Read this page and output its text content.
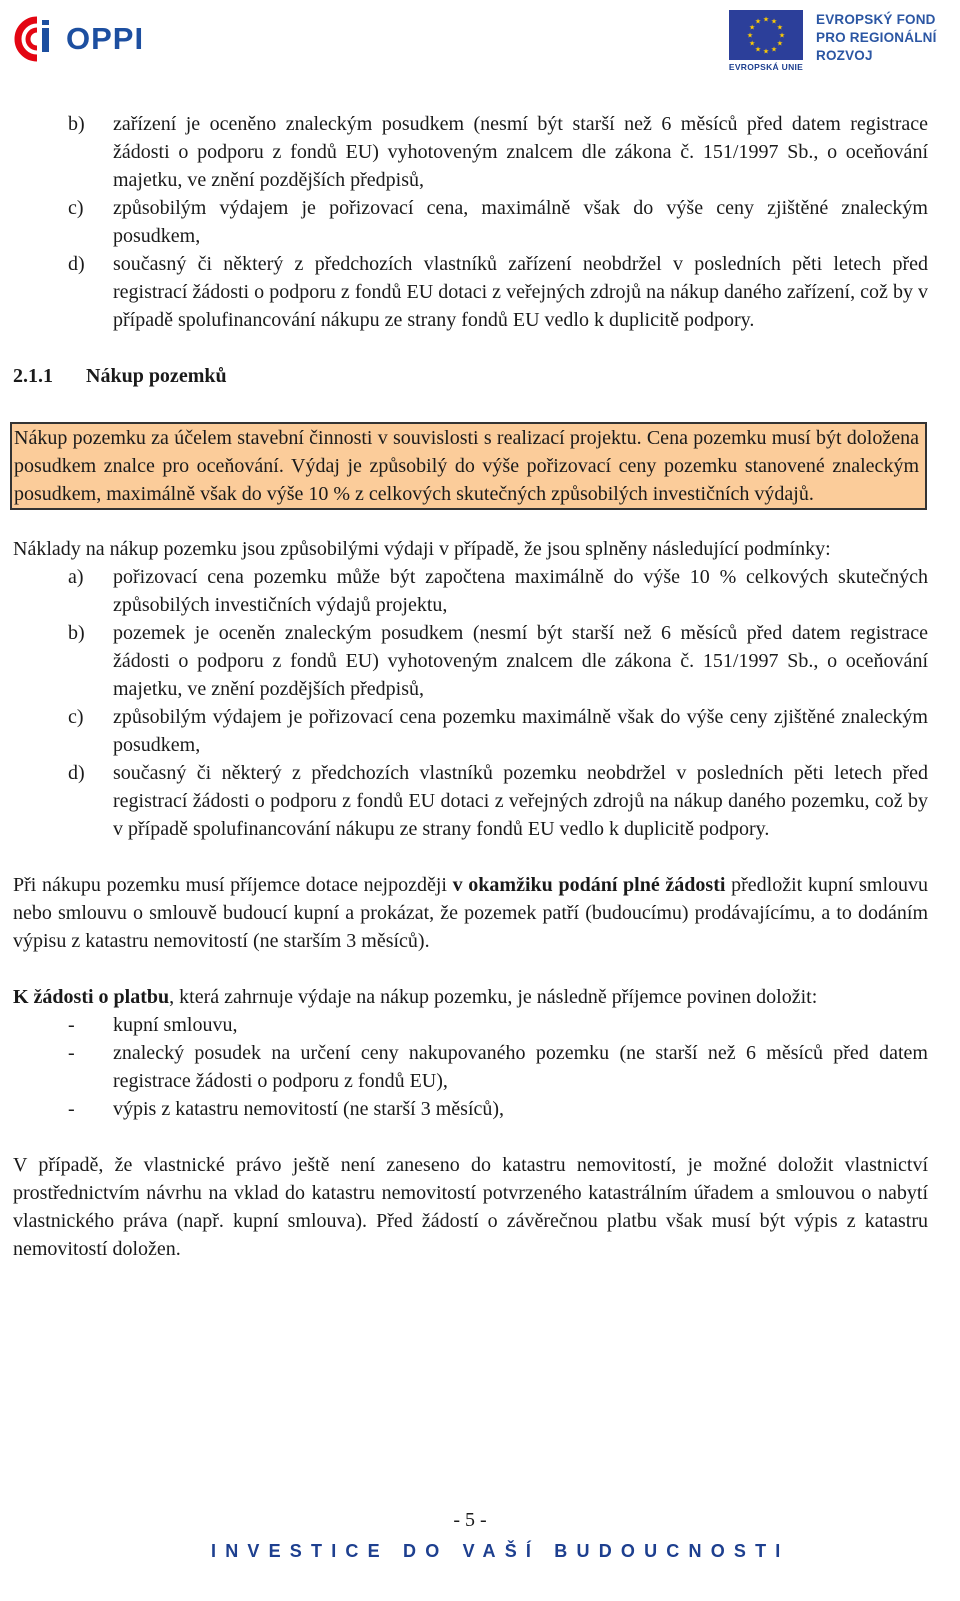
OPPI	★
★
★
★
★
★
★
★
★ ★ ★
★
EVROPSKÁ UNIE
EVROPSKÝ FOND
PRO REGIONÁLNÍ
ROZVOJ
b) zařízení je oceněno znaleckým posudkem (nesmí být starší než 6 měsíců před datem registrace žádosti o podporu z fondů EU) vyhotoveným znalcem dle zákona č. 151/1997 Sb., o oceňování majetku, ve znění pozdějších předpisů,
c) způsobilým výdajem je pořizovací cena, maximálně však do výše ceny zjištěné znaleckým posudkem,
d) současný či některý z předchozích vlastníků zařízení neobdržel v posledních pěti letech před registrací žádosti o podporu z fondů EU dotaci z veřejných zdrojů na nákup daného zařízení, což by v případě spolufinancování nákupu ze strany fondů EU vedlo k duplicitě podpory.
2.1.1	Nákup pozemků

Nákup pozemku za účelem stavební činnosti v souvislosti s realizací projektu. Cena pozemku musí být doložena posudkem znalce pro oceňování. Výdaj je způsobilý do výše pořizovací ceny pozemku stanovené znaleckým posudkem, maximálně však do výše 10 % z celkových skutečných způsobilých investičních výdajů.

Náklady na nákup pozemku jsou způsobilými výdaji v případě, že jsou splněny následující podmínky:

a) pořizovací cena pozemku může být započtena maximálně do výše 10 % celkových skutečných způsobilých investičních výdajů projektu,
b) pozemek je oceněn znaleckým posudkem (nesmí být starší než 6 měsíců před datem registrace žádosti o podporu z fondů EU) vyhotoveným znalcem dle zákona č. 151/1997 Sb., o oceňování majetku, ve znění pozdějších předpisů,
c) způsobilým výdajem je pořizovací cena pozemku maximálně však do výše ceny zjištěné znaleckým posudkem,
d) současný či některý z předchozích vlastníků pozemku neobdržel v posledních pěti letech před registrací žádosti o podporu z fondů EU dotaci z veřejných zdrojů na nákup daného pozemku, což by v případě spolufinancování nákupu ze strany fondů EU vedlo k duplicitě podpory.

Při nákupu pozemku musí příjemce dotace nejpozději v okamžiku podání plné žádosti předložit kupní smlouvu nebo smlouvu o smlouvě budoucí kupní a prokázat, že pozemek patří (budoucímu) prodávajícímu, a to dodáním výpisu z katastru nemovitostí (ne starším 3 měsíců).

K žádosti o platbu, která zahrnuje výdaje na nákup pozemku, je následně příjemce povinen doložit:

- kupní smlouvu,
- znalecký posudek na určení ceny nakupovaného pozemku (ne starší než 6 měsíců před datem registrace žádosti o podporu z fondů EU),
- výpis z katastru nemovitostí (ne starší 3 měsíců),

V případě, že vlastnické právo ještě není zaneseno do katastru nemovitostí, je možné doložit vlastnictví prostřednictvím návrhu na vklad do katastru nemovitostí potvrzeného katastrálním úřadem a smlouvou o nabytí vlastnického práva (např. kupní smlouva). Před žádostí o závěrečnou platbu však musí být výpis z katastru nemovitostí doložen.

- 5 -
INVESTICE DO VAŠÍ BUDOUCNOSTI
